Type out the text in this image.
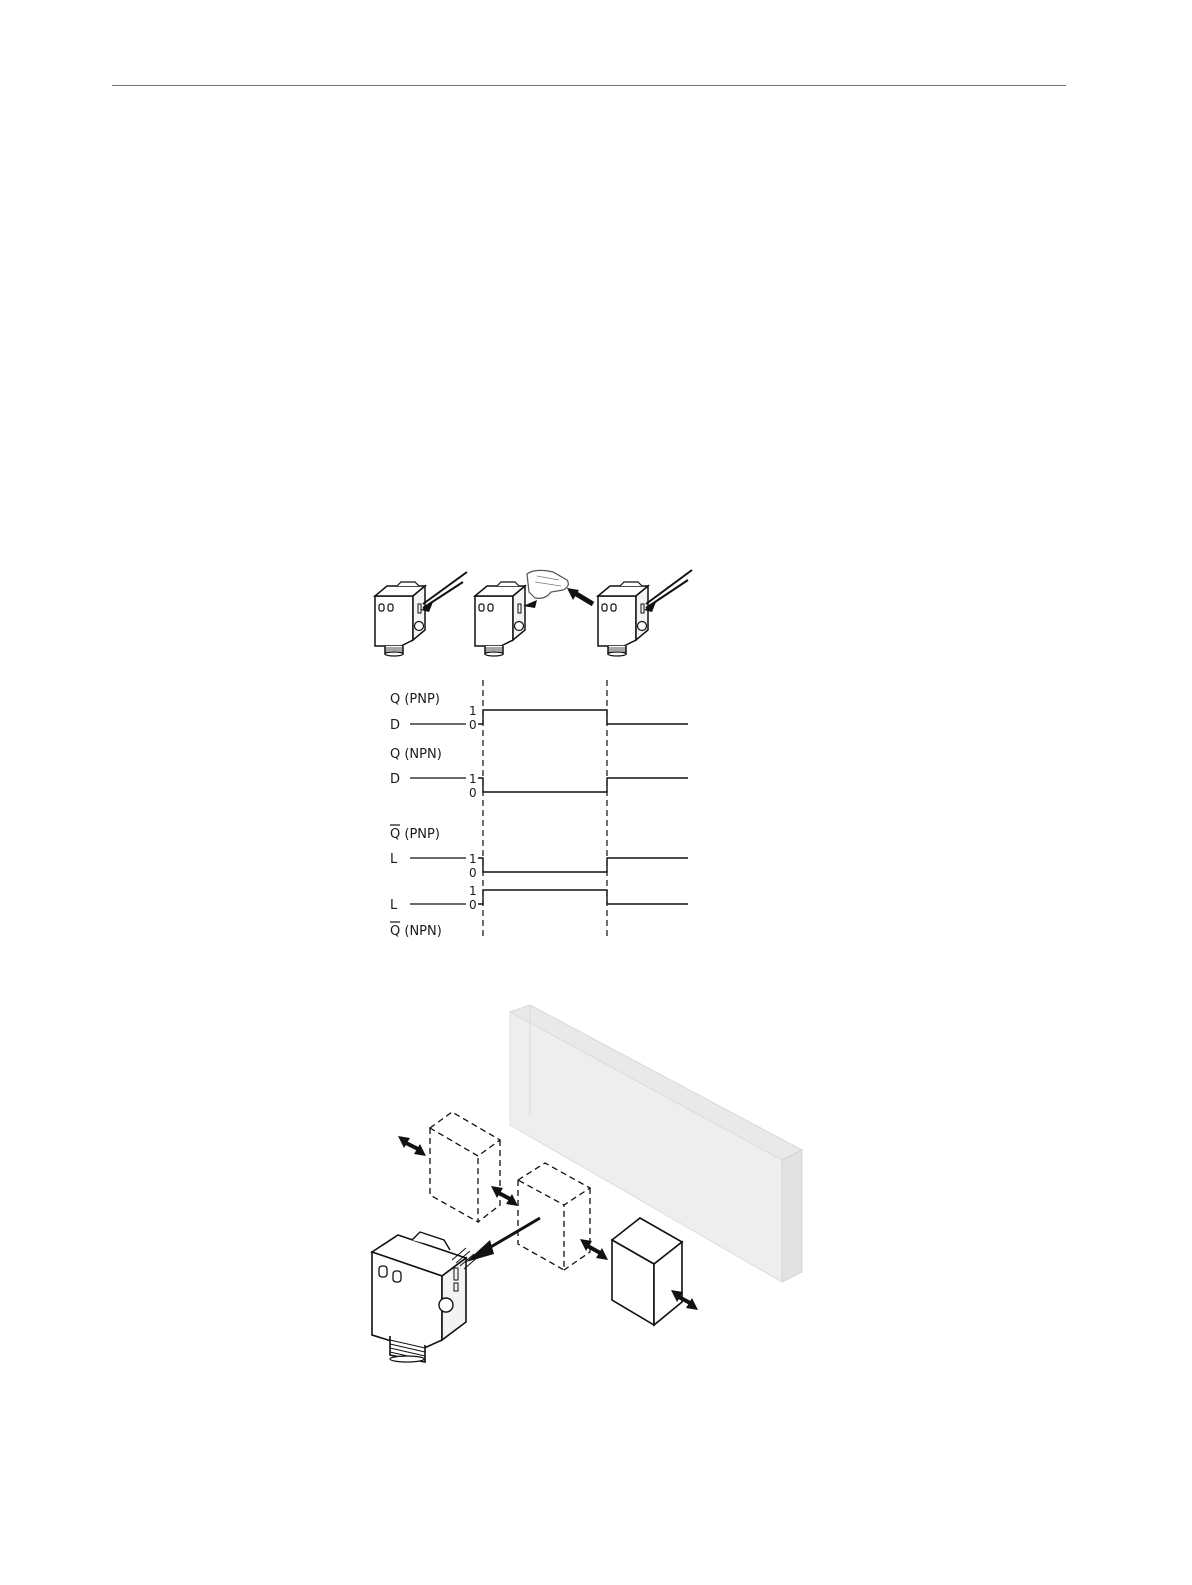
Q (PNP)
D
1
0
Q (NPN)
D	1
0
Q (PNP)
L	1
0
1
0
L
Q (NPN)
